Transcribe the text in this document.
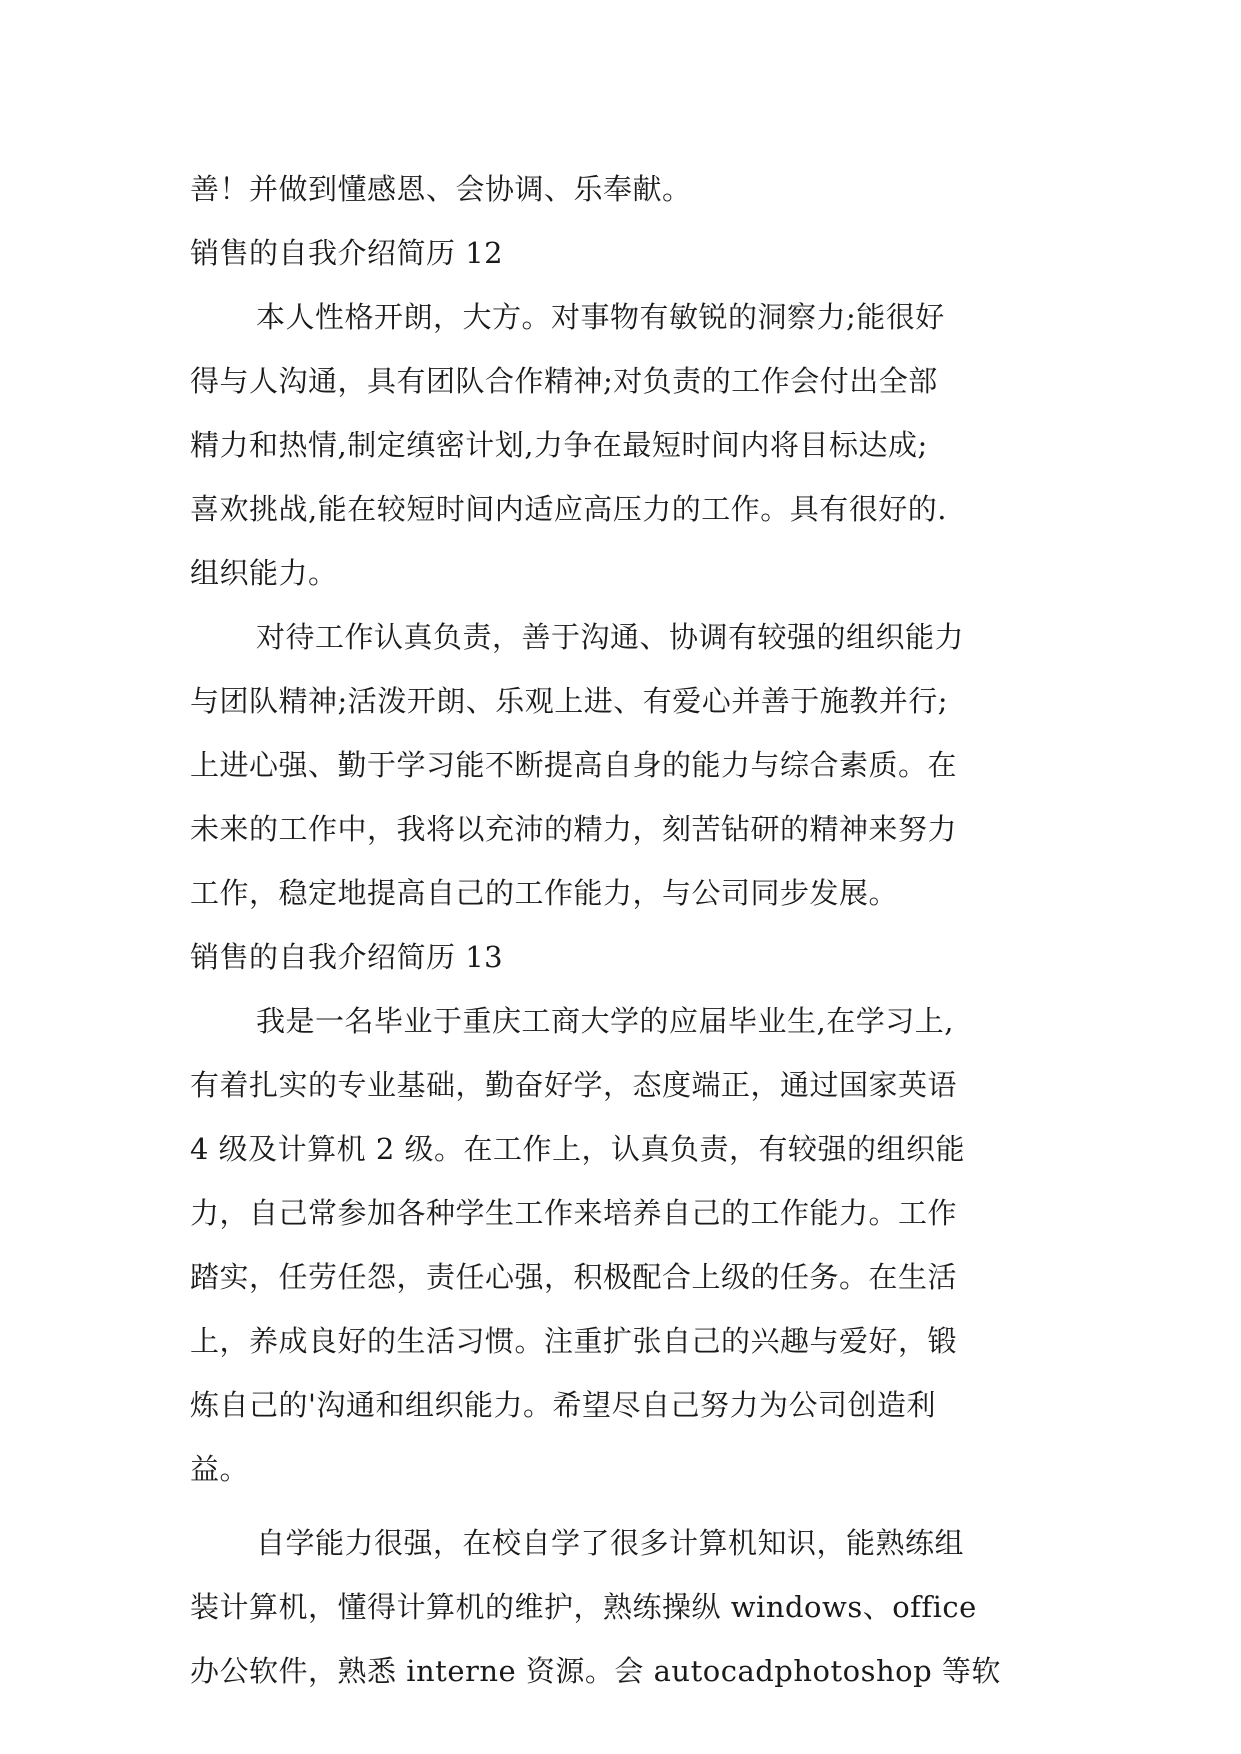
善！并做到懂感恩、会协调、乐奉献。
销售的自我介绍简历 12
本人性格开朗，大方。对事物有敏锐的洞察力;能很好
得与人沟通，具有团队合作精神;对负责的工作会付出全部
精力和热情,制定缜密计划,力争在最短时间内将目标达成;
喜欢挑战,能在较短时间内适应高压力的工作。具有很好的.
组织能力。
对待工作认真负责，善于沟通、协调有较强的组织能力
与团队精神;活泼开朗、乐观上进、有爱心并善于施教并行;
上进心强、勤于学习能不断提高自身的能力与综合素质。在
未来的工作中，我将以充沛的精力，刻苦钻研的精神来努力
工作，稳定地提高自己的工作能力，与公司同步发展。
销售的自我介绍简历 13
我是一名毕业于重庆工商大学的应届毕业生,在学习上,
有着扎实的专业基础，勤奋好学，态度端正，通过国家英语
4 级及计算机 2 级。在工作上，认真负责，有较强的组织能
力，自己常参加各种学生工作来培养自己的工作能力。工作
踏实，任劳任怨，责任心强，积极配合上级的任务。在生活
上，养成良好的生活习惯。注重扩张自己的兴趣与爱好，锻
炼自己的'沟通和组织能力。希望尽自己努力为公司创造利
益。
自学能力很强，在校自学了很多计算机知识，能熟练组
装计算机，懂得计算机的维护，熟练操纵 windows、office
办公软件，熟悉 interne 资源。会 autocadphotoshop 等软
